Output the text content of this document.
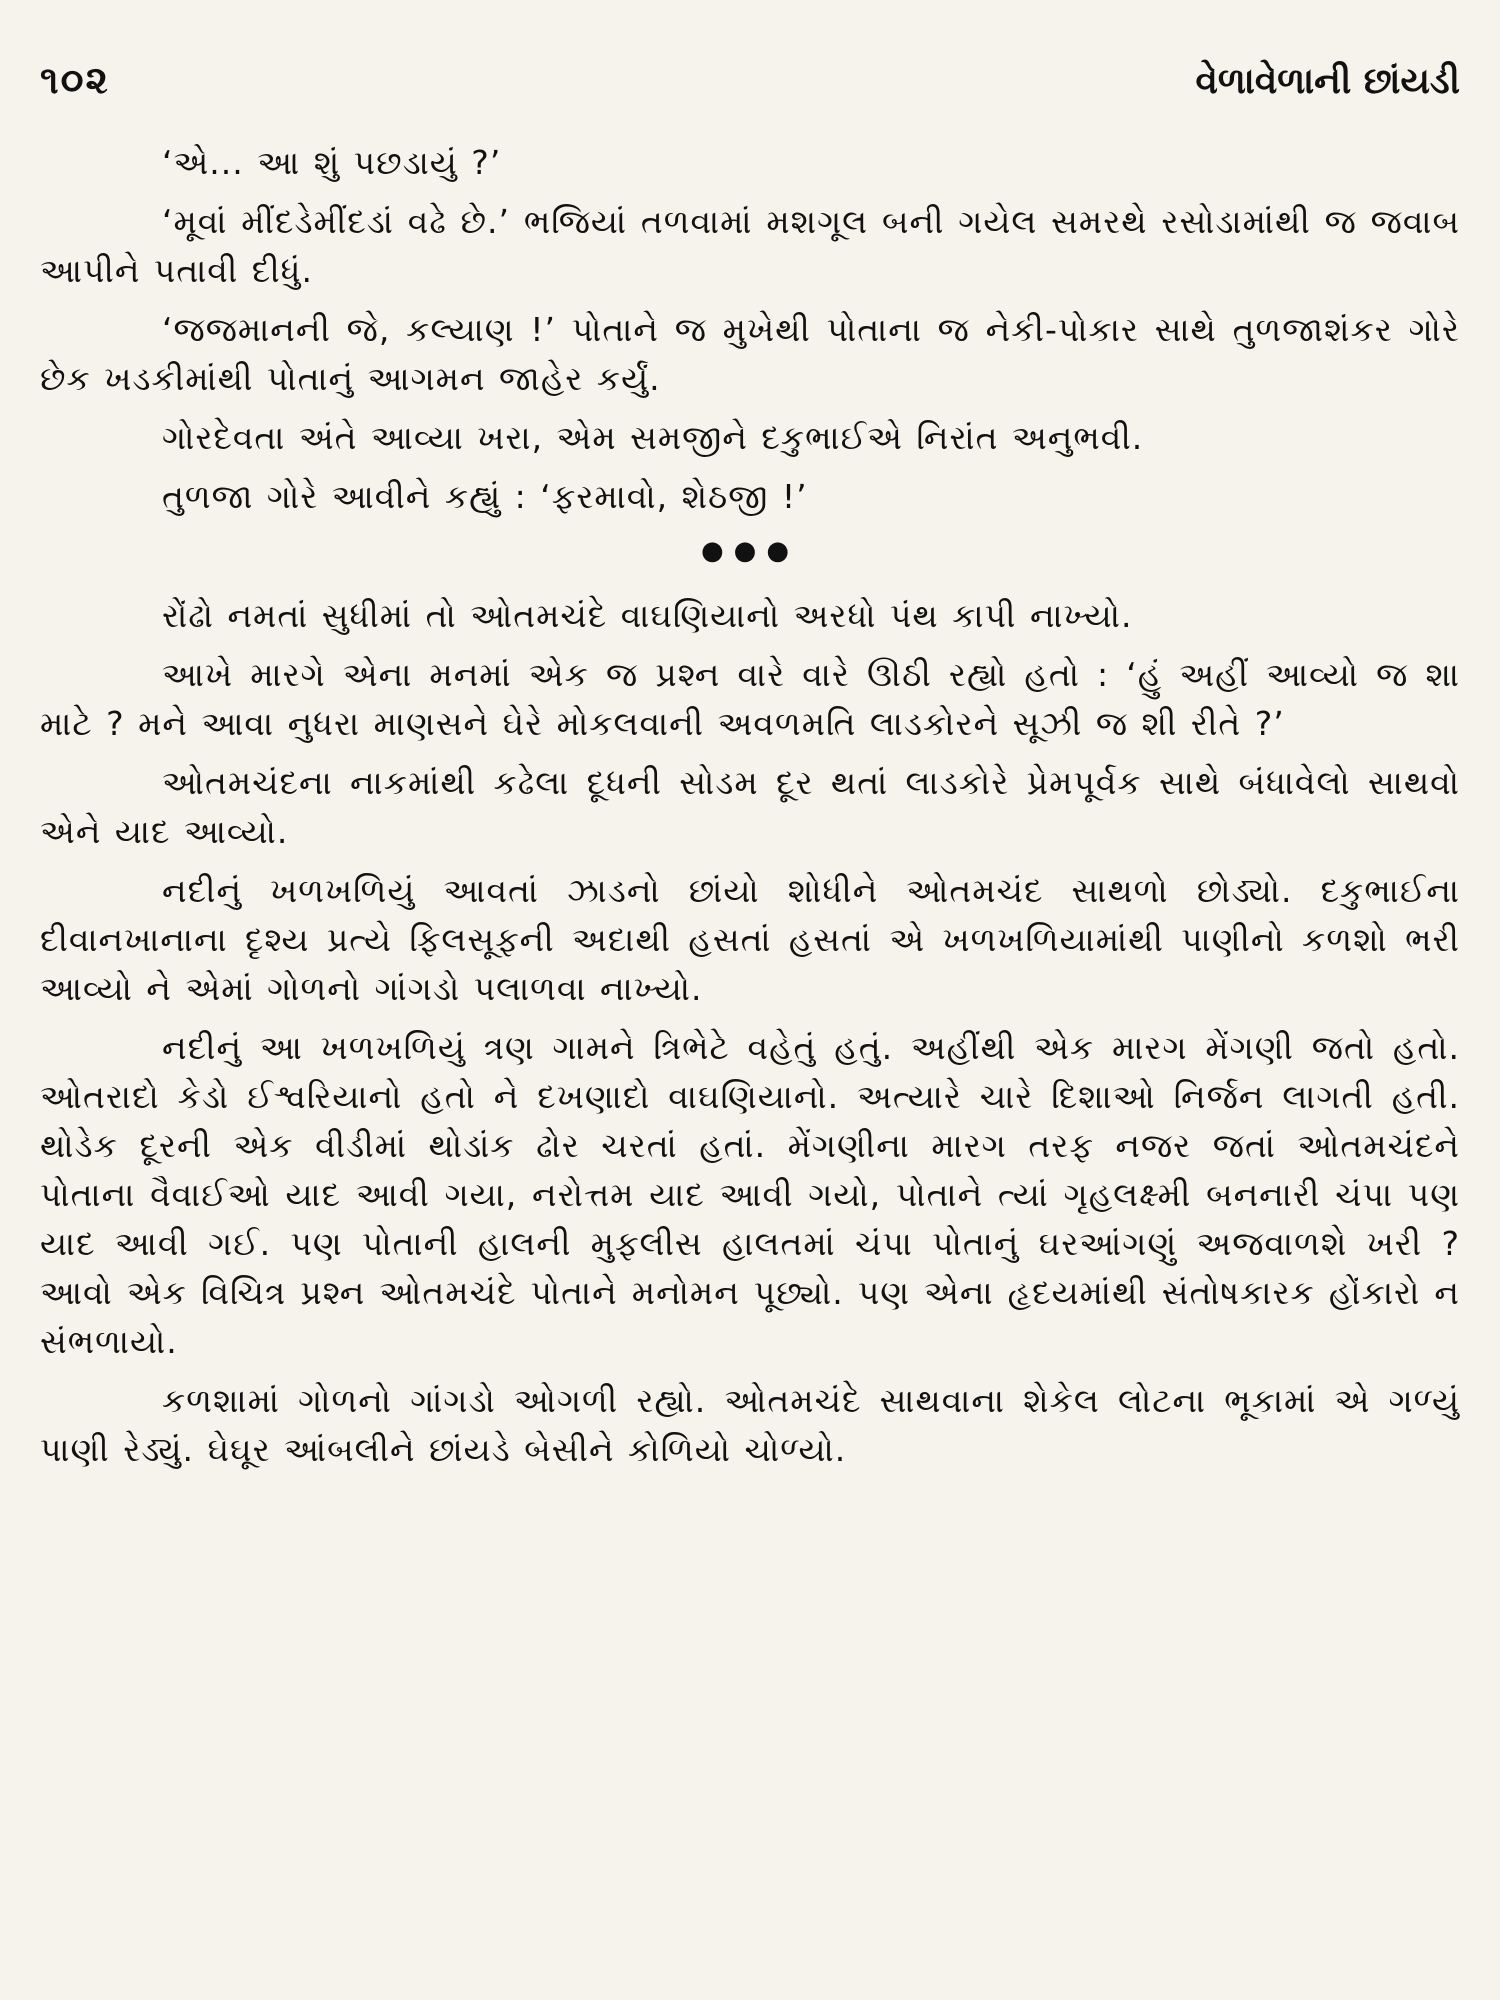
૧૦૨	વેળાવેળાની છાંયડી

‘એ... આ શું પછડાયું ?’

‘મૂવાં મીંદડેમીંદડાં વઢે છે.’ ભજિયાં તળવામાં મશગૂલ બની ગયેલ સમરથે રસોડામાંથી જ જવાબ આપીને પતાવી દીધું.

‘જજમાનની જે, કલ્યાણ !’ પોતાને જ મુખેથી પોતાના જ નેકી-પોકાર સાથે તુળજાશંકર ગોરે છેક ખડકીમાંથી પોતાનું આગમન જાહેર કર્યું.

ગોરદેવતા અંતે આવ્યા ખરા, એમ સમજીને દકુભાઈએ નિરાંત અનુભવી.

તુળજા ગોરે આવીને કહ્યું : ‘ફરમાવો, શેઠજી !’

●●●

રોંઢો નમતાં સુધીમાં તો ઓતમચંદે વાઘણિયાનો અરધો પંથ કાપી નાખ્યો.

આખે મારગે એના મનમાં એક જ પ્રશ્ન વારે વારે ઊઠી રહ્યો હતો : ‘હું અહીં આવ્યો જ શા માટે ? મને આવા નુધરા માણસને ઘેરે મોકલવાની અવળમતિ લાડકોરને સૂઝી જ શી રીતે ?’

ઓતમચંદના નાકમાંથી કઢેલા દૂધની સોડમ દૂર થતાં લાડકોરે પ્રેમપૂર્વક સાથે બંધાવેલો સાથવો એને યાદ આવ્યો.

નદીનું ખળખળિયું આવતાં ઝાડનો છાંયો શોધીને ઓતમચંદ સાથળો છોડ્યો. દકુભાઈના દીવાનખાનાના દૃશ્ય પ્રત્યે ફિલસૂફની અદાથી હસતાં હસતાં એ ખળખળિયામાંથી પાણીનો કળશો ભરી આવ્યો ને એમાં ગોળનો ગાંગડો પલાળવા નાખ્યો.

નદીનું આ ખળખળિયું ત્રણ ગામને ત્રિભેટે વહેતું હતું. અહીંથી એક મારગ મેંગણી જતો હતો. ઓતરાદો કેડો ઈશ્વરિયાનો હતો ને દખણાદો વાઘણિયાનો. અત્યારે ચારે દિશાઓ નિર્જન લાગતી હતી. થોડેક દૂરની એક વીડીમાં થોડાંક ઢોર ચરતાં હતાં. મેંગણીના મારગ તરફ નજર જતાં ઓતમચંદને પોતાના વૈવાઈઓ યાદ આવી ગયા, નરોત્તમ યાદ આવી ગયો, પોતાને ત્યાં ગૃહલક્ષ્મી બનનારી ચંપા પણ યાદ આવી ગઈ. પણ પોતાની હાલની મુફલીસ હાલતમાં ચંપા પોતાનું ઘરઆંગણું અજવાળશે ખરી ? આવો એક વિચિત્ર પ્રશ્ન ઓતમચંદે પોતાને મનોમન પૂછ્યો. પણ એના હૃદયમાંથી સંતોષકારક હોંકારો ન સંભળાયો.

કળશામાં ગોળનો ગાંગડો ઓગળી રહ્યો. ઓતમચંદે સાથવાના શેકેલ લોટના ભૂકામાં એ ગળ્યું પાણી રેડ્યું. ઘેઘૂર આંબલીને છાંયડે બેસીને કોળિયો ચોળ્યો.
